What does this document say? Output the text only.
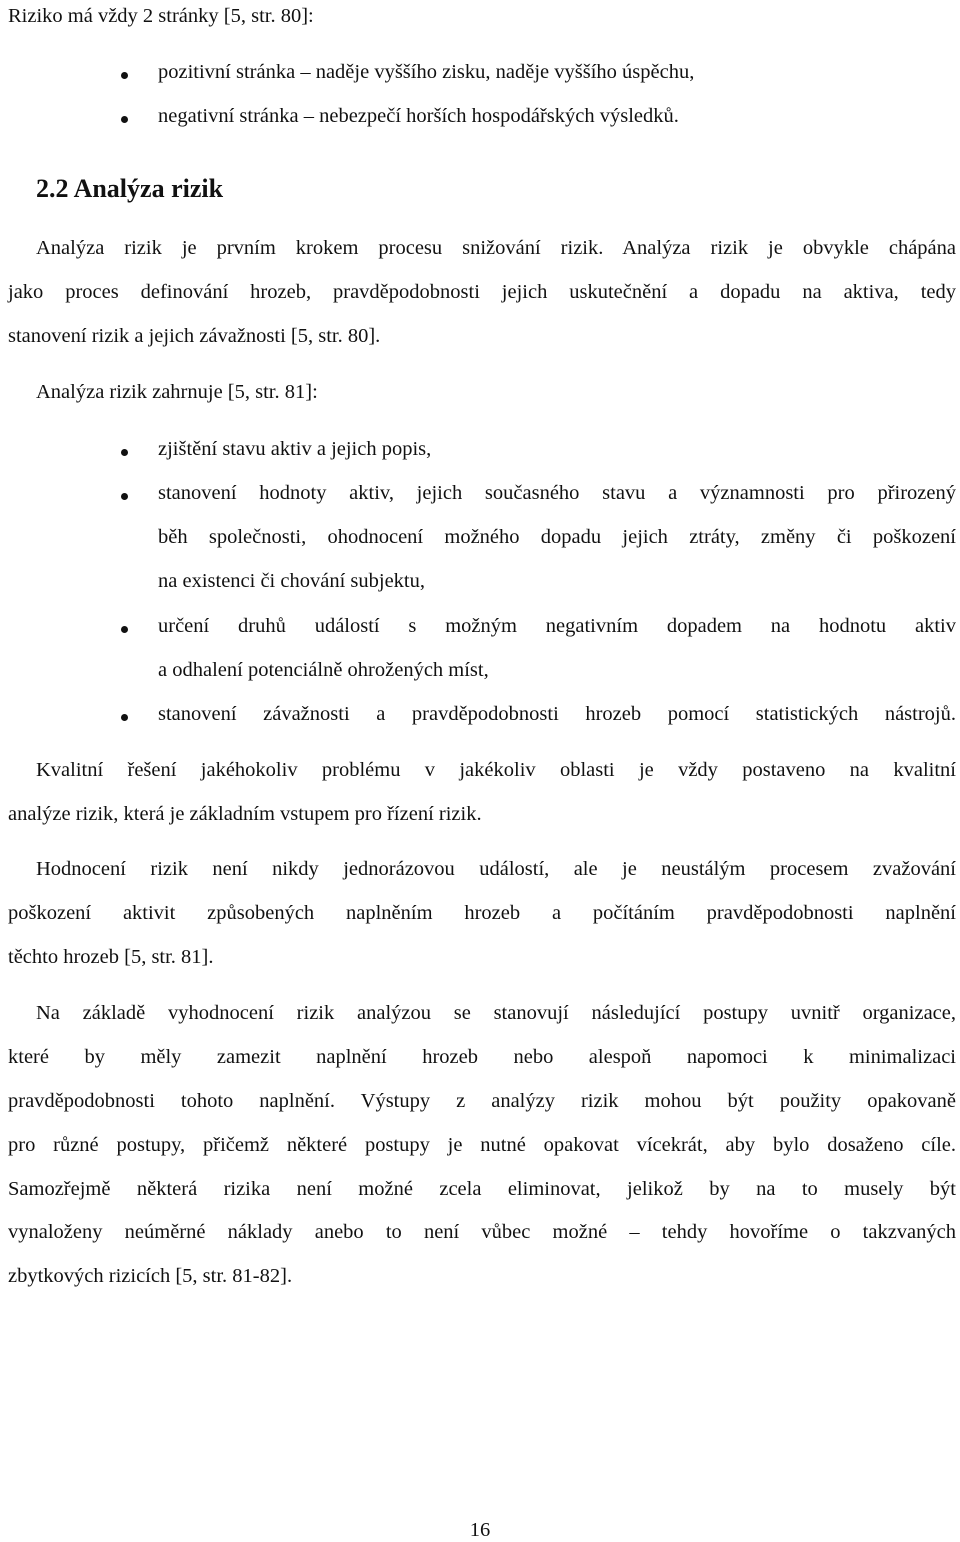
Riziko má vždy 2 stránky [5, str. 80]:
pozitivní stránka – naděje vyššího zisku, naděje vyššího úspěchu,
negativní stránka – nebezpečí horších hospodářských výsledků.
2.2 Analýza rizik
Analýza rizik je prvním krokem procesu snižování rizik. Analýza rizik je obvykle chápána
jako proces definování hrozeb, pravděpodobnosti jejich uskutečnění a dopadu na aktiva, tedy
stanovení rizik a jejich závažnosti [5, str. 80].
Analýza rizik zahrnuje [5, str. 81]:
zjištění stavu aktiv a jejich popis,
stanovení hodnoty aktiv, jejich současného stavu a významnosti pro přirozený
běh společnosti, ohodnocení možného dopadu jejich ztráty, změny či poškození
na existenci či chování subjektu,
určení druhů událostí s možným negativním dopadem na hodnotu aktiv
a odhalení potenciálně ohrožených míst,
stanovení závažnosti a pravděpodobnosti hrozeb pomocí statistických nástrojů.
Kvalitní řešení jakéhokoliv problému v jakékoliv oblasti je vždy postaveno na kvalitní
analýze rizik, která je základním vstupem pro řízení rizik.
Hodnocení rizik není nikdy jednorázovou událostí, ale je neustálým procesem zvažování
poškození aktivit způsobených naplněním hrozeb a počítáním pravděpodobnosti naplnění
těchto hrozeb [5, str. 81].
Na základě vyhodnocení rizik analýzou se stanovují následující postupy uvnitř organizace,
které by měly zamezit naplnění hrozeb nebo alespoň napomoci k minimalizaci
pravděpodobnosti tohoto naplnění. Výstupy z analýzy rizik mohou být použity opakovaně
pro různé postupy, přičemž některé postupy je nutné opakovat vícekrát, aby bylo dosaženo cíle.
Samozřejmě některá rizika není možné zcela eliminovat, jelikož by na to musely být
vynaloženy neúměrné náklady anebo to není vůbec možné – tehdy hovoříme o takzvaných
zbytkových rizicích [5, str. 81-82].
16
